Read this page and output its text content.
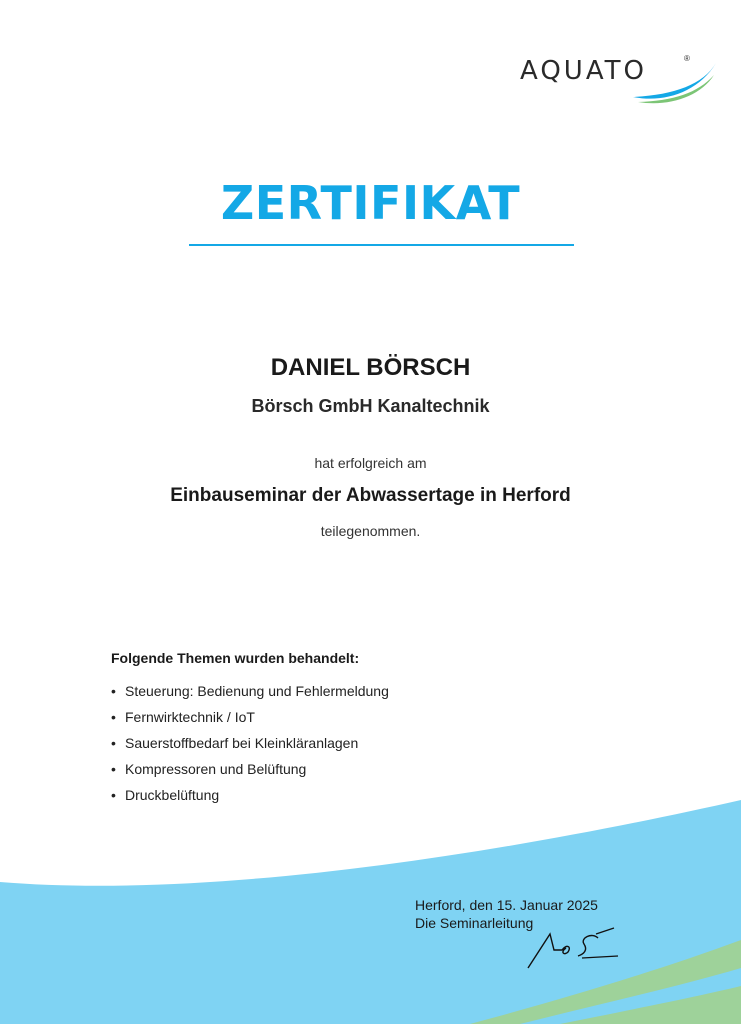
AQUATO	®
ZERTIFIKAT
DANIEL BÖRSCH
Börsch GmbH Kanaltechnik
hat erfolgreich am
Einbauseminar der Abwassertage in Herford
teilegenommen.
Folgende Themen wurden behandelt:
• Steuerung: Bedienung und Fehlermeldung
• Fernwirktechnik / IoT
• Sauerstoffbedarf bei Kleinkläranlagen
• Kompressoren und Belüftung
• Druckbelüftung
Herford, den 15. Januar 2025
Die Seminarleitung
